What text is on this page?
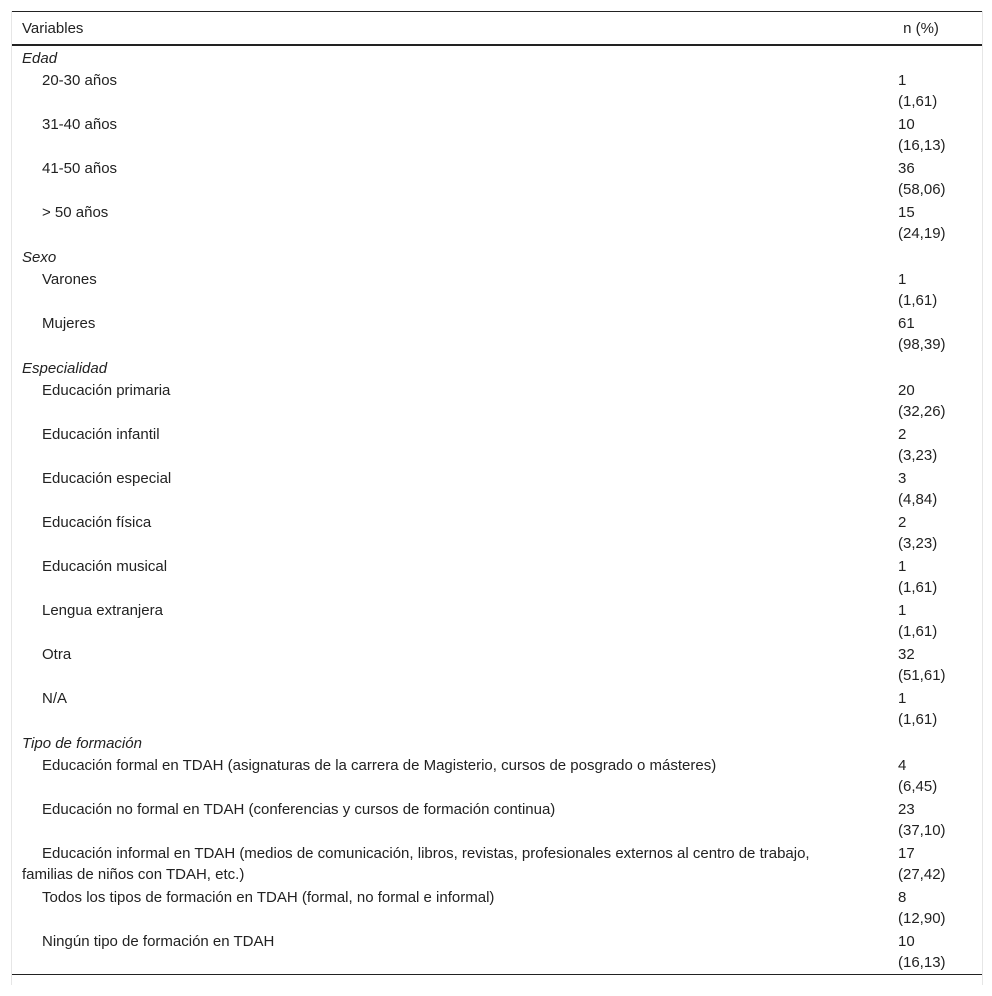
Variables	n (%)
Edad	
20-30 años	1
(1,61)

31-40 años	10
(16,13)

41-50 años	36
(58,06)

> 50 años	15
(24,19)

Sexo	
Varones	1
(1,61)

Mujeres	61
(98,39)

Especialidad	
Educación primaria	20
(32,26)

Educación infantil	2
(3,23)

Educación especial	3
(4,84)

Educación física	2
(3,23)

Educación musical	1
(1,61)

Lengua extranjera	1
(1,61)

Otra	32
(51,61)

N/A	1
(1,61)

Tipo de formación	
Educación formal en TDAH (asignaturas de la carrera de Magisterio, cursos de posgrado o másteres)	4
(6,45)

Educación no formal en TDAH (conferencias y cursos de formación continua)	23
(37,10)

Educación informal en TDAH (medios de comunicación, libros, revistas, profesionales externos al centro de trabajo, familias de niños con TDAH, etc.)	17
(27,42)

Todos los tipos de formación en TDAH (formal, no formal e informal)	8
(12,90)

Ningún tipo de formación en TDAH	10
(16,13)
